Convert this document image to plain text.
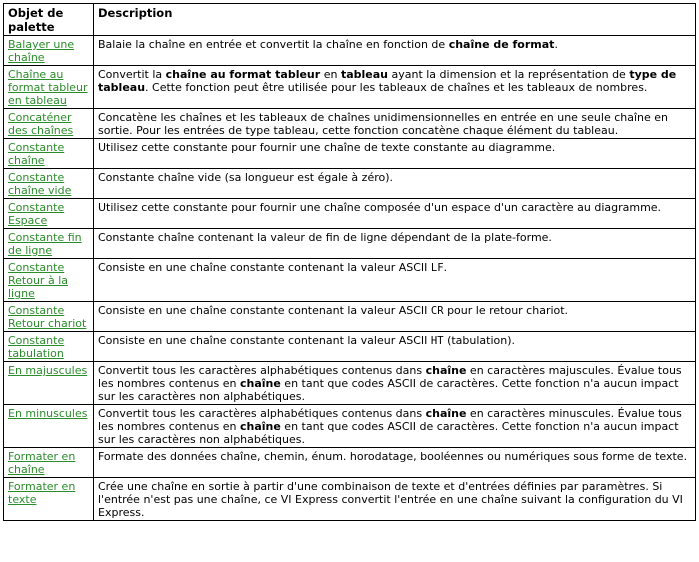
Objet de palette	Description
Balayer une chaîne	Balaie la chaîne en entrée et convertit la chaîne en fonction de chaîne de format.
Chaîne au format tableur en tableau	Convertit la chaîne au format tableur en tableau ayant la dimension et la représentation de type de tableau. Cette fonction peut être utilisée pour les tableaux de chaînes et les tableaux de nombres.
Concaténer des chaînes	Concatène les chaînes et les tableaux de chaînes unidimensionnelles en entrée en une seule chaîne en sortie. Pour les entrées de type tableau, cette fonction concatène chaque élément du tableau.
Constante chaîne	Utilisez cette constante pour fournir une chaîne de texte constante au diagramme.
Constante chaîne vide	Constante chaîne vide (sa longueur est égale à zéro).
Constante Espace	Utilisez cette constante pour fournir une chaîne composée d'un espace d'un caractère au diagramme.
Constante fin de ligne	Constante chaîne contenant la valeur de fin de ligne dépendant de la plate-forme.
Constante Retour à la ligne	Consiste en une chaîne constante contenant la valeur ASCII LF.
Constante Retour chariot	Consiste en une chaîne constante contenant la valeur ASCII CR pour le retour chariot.
Constante tabulation	Consiste en une chaîne constante contenant la valeur ASCII HT (tabulation).
En majuscules	Convertit tous les caractères alphabétiques contenus dans chaîne en caractères majuscules. Évalue tous les nombres contenus en chaîne en tant que codes ASCII de caractères. Cette fonction n'a aucun impact sur les caractères non alphabétiques.
En minuscules	Convertit tous les caractères alphabétiques contenus dans chaîne en caractères minuscules. Évalue tous les nombres contenus en chaîne en tant que codes ASCII de caractères. Cette fonction n'a aucun impact sur les caractères non alphabétiques.
Formater en chaîne	Formate des données chaîne, chemin, énum. horodatage, booléennes ou numériques sous forme de texte.
Formater en texte	Crée une chaîne en sortie à partir d'une combinaison de texte et d'entrées définies par paramètres. Si l'entrée n'est pas une chaîne, ce VI Express convertit l'entrée en une chaîne suivant la configuration du VI Express.
